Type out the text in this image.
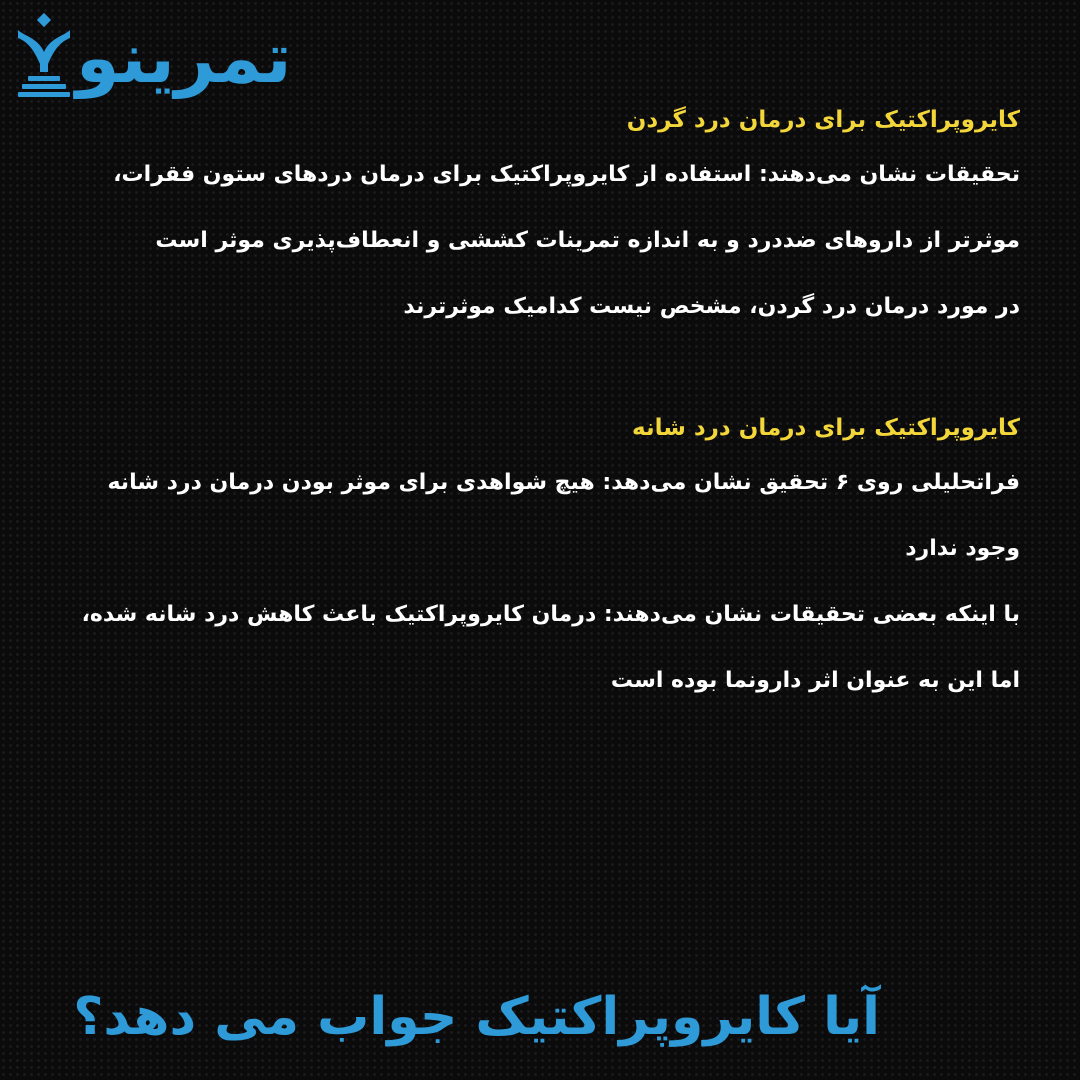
تمرینو

کایروپراکتیک برای درمان درد گردن

تحقیقات نشان می‌دهند: استفاده از کایروپراکتیک برای درمان دردهای ستون فقرات، موثرتر از داروهای ضددرد و به اندازه تمرینات کششی و انعطاف‌پذیری موثر است

در مورد درمان درد گردن، مشخص نیست کدامیک موثرترند

کایروپراکتیک برای درمان درد شانه

فراتحلیلی روی ۶ تحقیق نشان می‌دهد: هیچ شواهدی برای موثر بودن درمان درد شانه وجود ندارد

با اینکه بعضی تحقیقات نشان می‌دهند: درمان کایروپراکتیک باعث کاهش درد شانه شده، اما این به عنوان اثر دارونما بوده است

آیا کایروپراکتیک جواب می دهد؟
